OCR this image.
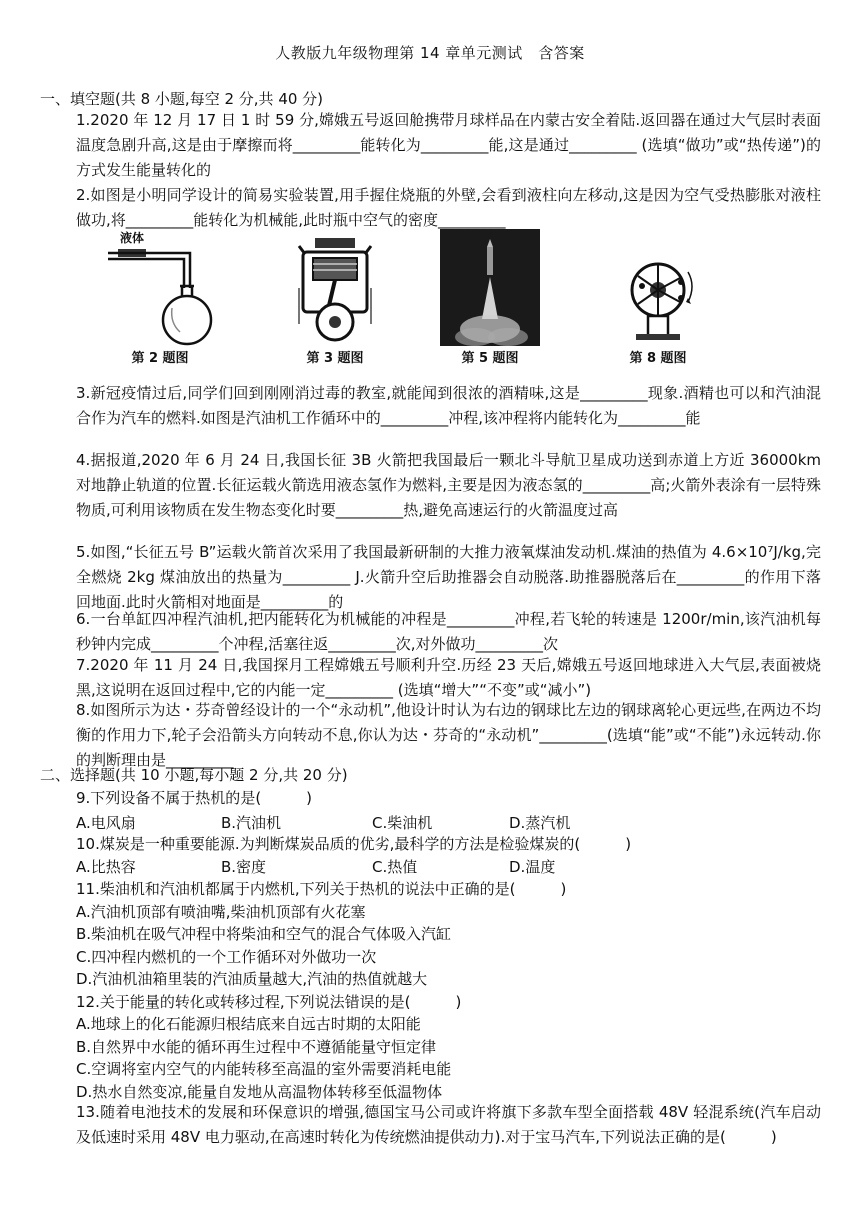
人教版九年级物理第 14 章单元测试　含答案
一、填空题(共 8 小题,每空 2 分,共 40 分)

1.2020 年 12 月 17 日 1 时 59 分,嫦娥五号返回舱携带月球样品在内蒙古安全着陆.返回器在通过大气层时表面温度急剧升高,这是由于摩擦而将_________能转化为_________能,这是通过_________ (选填“做功”或“热传递”)的方式发生能量转化的

2.如图是小明同学设计的简易实验装置,用手握住烧瓶的外壁,会看到液柱向左移动,这是因为空气受热膨胀对液柱做功,将_________能转化为机械能,此时瓶中空气的密度_________

液体
第 2 题图	第 3 题图	第 5 题图	第 8 题图

3.新冠疫情过后,同学们回到刚刚消过毒的教室,就能闻到很浓的酒精味,这是_________现象.酒精也可以和汽油混合作为汽车的燃料.如图是汽油机工作循环中的_________冲程,该冲程将内能转化为_________能

4.据报道,2020 年 6 月 24 日,我国长征 3B 火箭把我国最后一颗北斗导航卫星成功送到赤道上方近 36000km 对地静止轨道的位置.长征运载火箭选用液态氢作为燃料,主要是因为液态氢的_________高;火箭外表涂有一层特殊物质,可利用该物质在发生物态变化时要_________热,避免高速运行的火箭温度过高

5.如图,“长征五号 B”运载火箭首次采用了我国最新研制的大推力液氧煤油发动机.煤油的热值为 4.6×10⁷J/kg,完全燃烧 2kg 煤油放出的热量为_________ J.火箭升空后助推器会自动脱落.助推器脱落后在_________的作用下落回地面.此时火箭相对地面是_________的

6.一台单缸四冲程汽油机,把内能转化为机械能的冲程是_________冲程,若飞轮的转速是 1200r/min,该汽油机每秒钟内完成_________个冲程,活塞往返_________次,对外做功_________次

7.2020 年 11 月 24 日,我国探月工程嫦娥五号顺利升空.历经 23 天后,嫦娥五号返回地球进入大气层,表面被烧黑,这说明在返回过程中,它的内能一定_________ (选填“增大”“不变”或“减小”)

8.如图所示为达・芬奇曾经设计的一个“永动机”,他设计时认为右边的钢球比左边的钢球离轮心更远些,在两边不均衡的作用力下,轮子会沿箭头方向转动不息,你认为达・芬奇的“永动机”_________(选填“能”或“不能”)永远转动.你的判断理由是_________

二、选择题(共 10 小题,每小题 2 分,共 20 分)
9.下列设备不属于热机的是(　　　)
A.电风扇	B.汽油机	C.柴油机	D.蒸汽机
10.煤炭是一种重要能源.为判断煤炭品质的优劣,最科学的方法是检验煤炭的(　　　)
A.比热容	B.密度	C.热值	D.温度
11.柴油机和汽油机都属于内燃机,下列关于热机的说法中正确的是(　　　)
A.汽油机顶部有喷油嘴,柴油机顶部有火花塞
B.柴油机在吸气冲程中将柴油和空气的混合气体吸入汽缸
C.四冲程内燃机的一个工作循环对外做功一次
D.汽油机油箱里装的汽油质量越大,汽油的热值就越大
12.关于能量的转化或转移过程,下列说法错误的是(　　　)
A.地球上的化石能源归根结底来自远古时期的太阳能
B.自然界中水能的循环再生过程中不遵循能量守恒定律
C.空调将室内空气的内能转移至高温的室外需要消耗电能
D.热水自然变凉,能量自发地从高温物体转移至低温物体

13.随着电池技术的发展和环保意识的增强,德国宝马公司或许将旗下多款车型全面搭载 48V 轻混系统(汽车启动及低速时采用 48V 电力驱动,在高速时转化为传统燃油提供动力).对于宝马汽车,下列说法正确的是(　　　)
